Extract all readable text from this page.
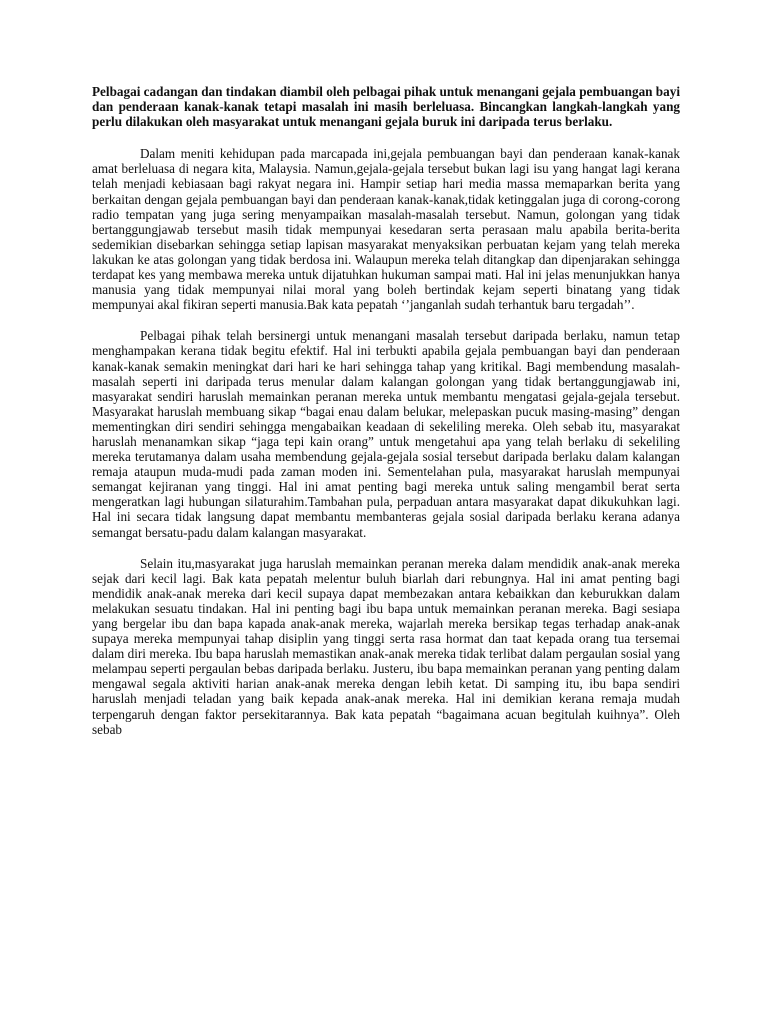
Pelbagai cadangan dan tindakan diambil oleh pelbagai pihak untuk menangani gejala pembuangan bayi dan penderaan kanak-kanak tetapi masalah ini masih berleluasa. Bincangkan langkah-langkah yang perlu dilakukan oleh masyarakat untuk menangani gejala buruk ini daripada terus berlaku.

Dalam meniti kehidupan pada marcapada ini,gejala pembuangan bayi dan penderaan kanak-kanak amat berleluasa di negara kita, Malaysia. Namun,gejala-gejala tersebut bukan lagi isu yang hangat lagi kerana telah menjadi kebiasaan bagi rakyat negara ini. Hampir setiap hari media massa memaparkan berita yang berkaitan dengan gejala pembuangan bayi dan penderaan kanak-kanak,tidak ketinggalan juga di corong-corong radio tempatan yang juga sering menyampaikan masalah-masalah tersebut. Namun, golongan yang tidak bertanggungjawab tersebut masih tidak mempunyai kesedaran serta perasaan malu apabila berita-berita sedemikian disebarkan sehingga setiap lapisan masyarakat menyaksikan perbuatan kejam yang telah mereka lakukan ke atas golongan yang tidak berdosa ini. Walaupun mereka telah ditangkap dan dipenjarakan sehingga terdapat kes yang membawa mereka untuk dijatuhkan hukuman sampai mati. Hal ini jelas menunjukkan hanya manusia yang tidak mempunyai nilai moral yang boleh bertindak kejam seperti binatang yang tidak mempunyai akal fikiran seperti manusia.Bak kata pepatah ‘’janganlah sudah terhantuk baru tergadah’’.

Pelbagai pihak telah bersinergi untuk menangani masalah tersebut daripada berlaku, namun tetap menghampakan kerana tidak begitu efektif. Hal ini terbukti apabila gejala pembuangan bayi dan penderaan kanak-kanak semakin meningkat dari hari ke hari sehingga tahap yang kritikal. Bagi membendung masalah-masalah seperti ini daripada terus menular dalam kalangan golongan yang tidak bertanggungjawab ini, masyarakat sendiri haruslah memainkan peranan mereka untuk membantu mengatasi gejala-gejala tersebut. Masyarakat haruslah membuang sikap “bagai enau dalam belukar, melepaskan pucuk masing-masing” dengan mementingkan diri sendiri sehingga mengabaikan keadaan di sekeliling mereka. Oleh sebab itu, masyarakat haruslah menanamkan sikap “jaga tepi kain orang” untuk mengetahui apa yang telah berlaku di sekeliling mereka terutamanya dalam usaha membendung gejala-gejala sosial tersebut daripada berlaku dalam kalangan remaja ataupun muda-mudi pada zaman moden ini. Sementelahan pula, masyarakat haruslah mempunyai semangat kejiranan yang tinggi. Hal ini amat penting bagi mereka untuk saling mengambil berat serta mengeratkan lagi hubungan silaturahim.Tambahan pula, perpaduan antara masyarakat dapat dikukuhkan lagi. Hal ini secara tidak langsung dapat membantu membanteras gejala sosial daripada berlaku kerana adanya semangat bersatu-padu dalam kalangan masyarakat.

Selain itu,masyarakat juga haruslah memainkan peranan mereka dalam mendidik anak-anak mereka sejak dari kecil lagi. Bak kata pepatah melentur buluh biarlah dari rebungnya. Hal ini amat penting bagi mendidik anak-anak mereka dari kecil supaya dapat membezakan antara kebaikkan dan keburukkan dalam melakukan sesuatu tindakan. Hal ini penting bagi ibu bapa untuk memainkan peranan mereka. Bagi sesiapa yang bergelar ibu dan bapa kapada anak-anak mereka, wajarlah mereka bersikap tegas terhadap anak-anak supaya mereka mempunyai tahap disiplin yang tinggi serta rasa hormat dan taat kepada orang tua tersemai dalam diri mereka. Ibu bapa haruslah memastikan anak-anak mereka tidak terlibat dalam pergaulan sosial yang melampau seperti pergaulan bebas daripada berlaku. Justeru, ibu bapa memainkan peranan yang penting dalam mengawal segala aktiviti harian anak-anak mereka dengan lebih ketat. Di samping itu, ibu bapa sendiri haruslah menjadi teladan yang baik kepada anak-anak mereka. Hal ini demikian kerana remaja mudah terpengaruh dengan faktor persekitarannya. Bak kata pepatah “bagaimana acuan begitulah kuihnya”. Oleh sebab
